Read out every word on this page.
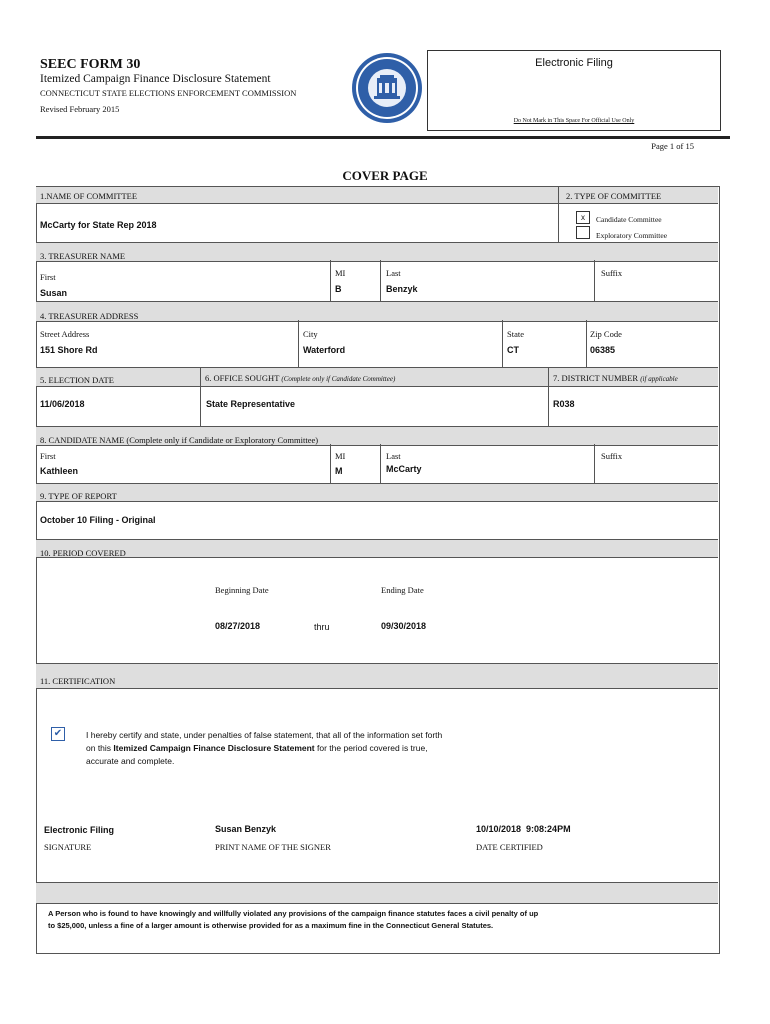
SEEC FORM 30
Itemized Campaign Finance Disclosure Statement
CONNECTICUT STATE ELECTIONS ENFORCEMENT COMMISSION
Revised February 2015
Electronic Filing
Do Not Mark in This Space For Official Use Only
Page 1 of 15
COVER PAGE
1.NAME OF COMMITTEE	2. TYPE OF COMMITTEE
McCarty for State Rep 2018
x	Candidate Committee
Exploratory Committee
3. TREASURER NAME
First
Susan
MI
B
Last
Benzyk
Suffix
4. TREASURER ADDRESS
Street Address
151 Shore Rd
City
Waterford
State
CT
Zip Code
06385
5. ELECTION DATE	6. OFFICE SOUGHT (Complete only if Candidate Committee)	7. DISTRICT NUMBER (if applicable
11/06/2018	State Representative	R038
8. CANDIDATE NAME (Complete only if Candidate or Exploratory Committee)
First
Kathleen
MI
M
Last
McCarty
Suffix
9. TYPE OF REPORT
October 10 Filing - Original
10. PERIOD COVERED
Beginning Date
08/27/2018	thru
Ending Date
09/30/2018
11. CERTIFICATION
✔	I hereby certify and state, under penalties of false statement, that all of the information set forth
on this Itemized Campaign Finance Disclosure Statement for the period covered is true,
accurate and complete.
Electronic Filing
SIGNATURE
Susan Benzyk
PRINT NAME OF THE SIGNER
10/10/2018  9:08:24PM
DATE CERTIFIED
A Person who is found to have knowingly and willfully violated any provisions of the campaign finance statutes faces a civil penalty of up
to $25,000, unless a fine of a larger amount is otherwise provided for as a maximum fine in the Connecticut General Statutes.
